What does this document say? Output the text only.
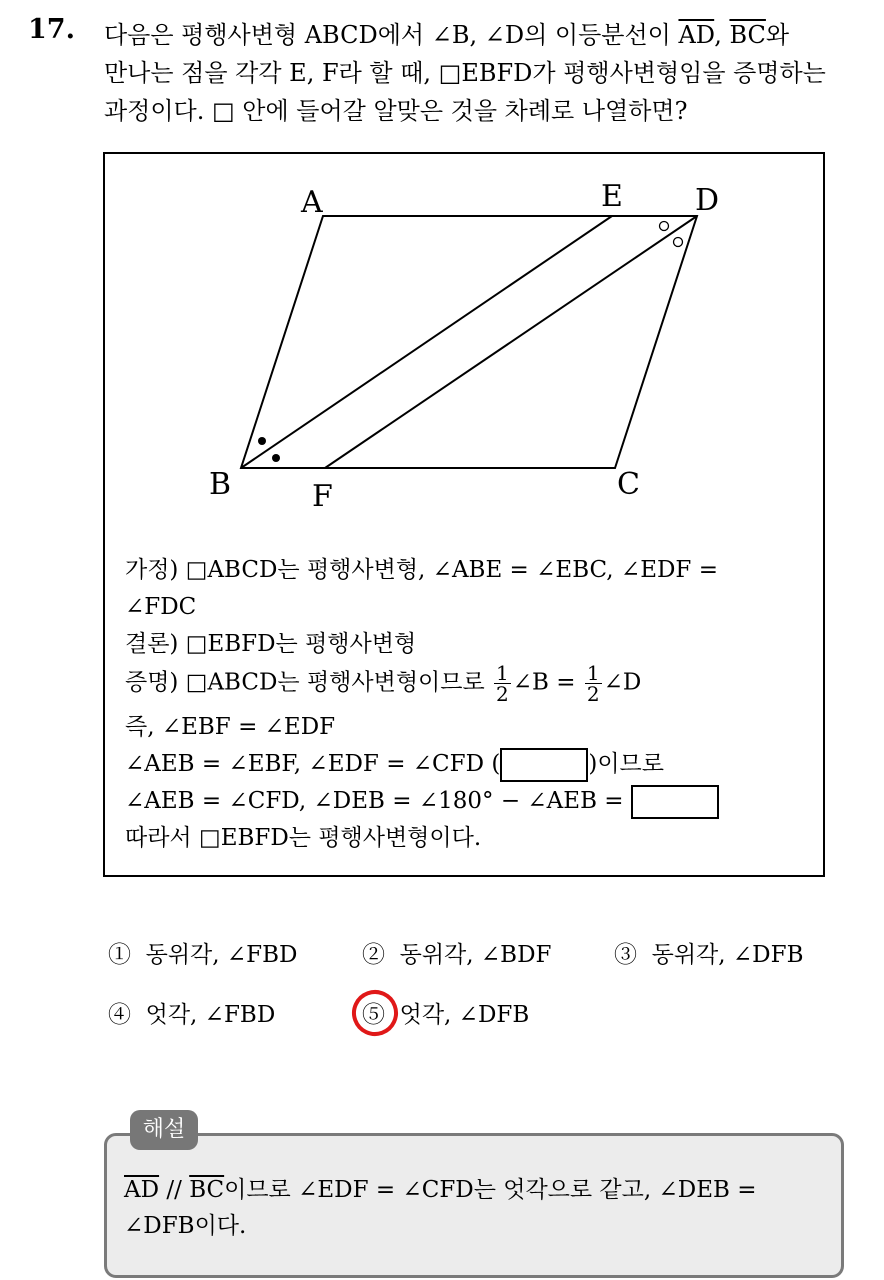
17. 다음은 평행사변형 ABCD에서 ∠B, ∠D의 이등분선이 $\overline{AD}$, $\overline{BC}$와
만나는 점을 각각 E, F라 할 때, □EBFD가 평행사변형임을 증명하는
과정이다. □ 안에 들어갈 알맞은 것을 차례로 나열하면?
A	E D
B	F	C
가정) □ABCD는 평행사변형, ∠ABE = ∠EBC, ∠EDF =
∠FDC
결론) □EBFD는 평행사변형
증명) □ABCD는 평행사변형이므로 $\frac{1}{2}$ ∠B = $\frac{1}{2}$ ∠D
즉, ∠EBF = ∠EDF
∠AEB = ∠EBF, ∠EDF = ∠CFD (	)이므로
∠AEB = ∠CFD, ∠DEB = ∠180° − ∠AEB =
따라서 □EBFD는 평행사변형이다.
① 동위각, ∠FBD	② 동위각, ∠BDF	③ 동위각, ∠DFB
④ 엇각, ∠FBD	⑤ 엇각, ∠DFB
해설
$\overline{AD} // \overline{BC}$이므로 ∠EDF = ∠CFD는 엇각으로 같고, ∠DEB =
∠DFB이다.
